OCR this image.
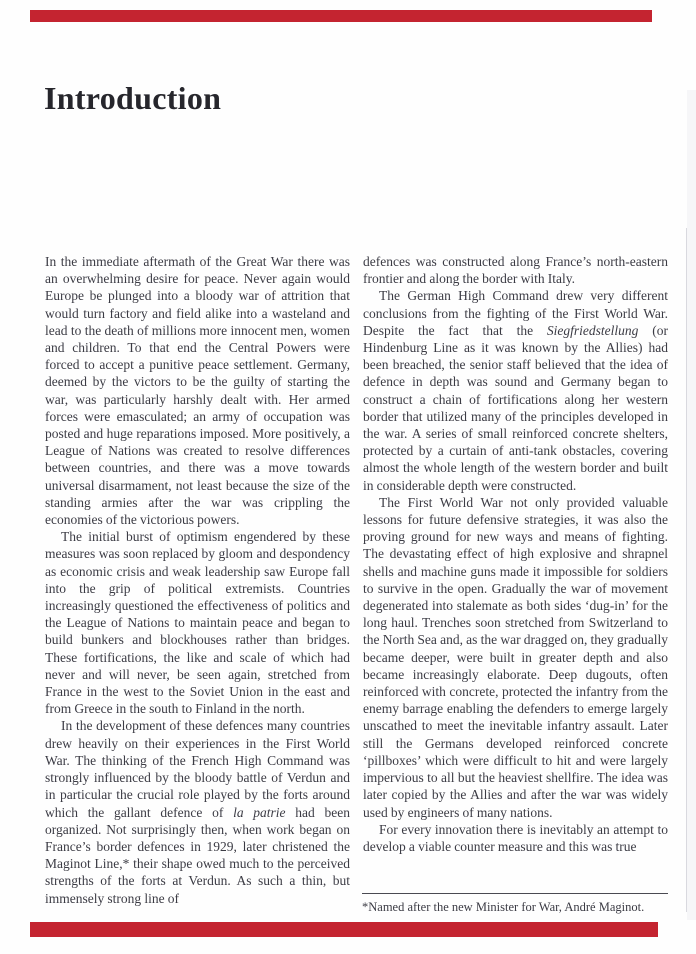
Introduction

In the immediate aftermath of the Great War there was an overwhelming desire for peace. Never again would Europe be plunged into a bloody war of attrition that would turn factory and field alike into a wasteland and lead to the death of millions more innocent men, women and children. To that end the Central Powers were forced to accept a punitive peace settlement. Germany, deemed by the victors to be the guilty of starting the war, was particularly harshly dealt with. Her armed forces were emasculated; an army of occupation was posted and huge reparations imposed. More positively, a League of Nations was created to resolve differences between countries, and there was a move towards universal disarmament, not least because the size of the standing armies after the war was crippling the economies of the victorious powers.

The initial burst of optimism engendered by these measures was soon replaced by gloom and despondency as economic crisis and weak leadership saw Europe fall into the grip of political extremists. Countries increasingly questioned the effectiveness of politics and the League of Nations to maintain peace and began to build bunkers and blockhouses rather than bridges. These fortifications, the like and scale of which had never and will never, be seen again, stretched from France in the west to the Soviet Union in the east and from Greece in the south to Finland in the north.

In the development of these defences many countries drew heavily on their experiences in the First World War. The thinking of the French High Command was strongly influenced by the bloody battle of Verdun and in particular the crucial role played by the forts around which the gallant defence of la patrie had been organized. Not surprisingly then, when work began on France’s border defences in 1929, later christened the Maginot Line,* their shape owed much to the perceived strengths of the forts at Verdun. As such a thin, but immensely strong line of

defences was constructed along France’s north-eastern frontier and along the border with Italy.

The German High Command drew very different conclusions from the fighting of the First World War. Despite the fact that the Siegfriedstellung (or Hindenburg Line as it was known by the Allies) had been breached, the senior staff believed that the idea of defence in depth was sound and Germany began to construct a chain of fortifications along her western border that utilized many of the principles developed in the war. A series of small reinforced concrete shelters, protected by a curtain of anti-tank obstacles, covering almost the whole length of the western border and built in considerable depth were constructed.

The First World War not only provided valuable lessons for future defensive strategies, it was also the proving ground for new ways and means of fighting. The devastating effect of high explosive and shrapnel shells and machine guns made it impossible for soldiers to survive in the open. Gradually the war of movement degenerated into stalemate as both sides ‘dug-in’ for the long haul. Trenches soon stretched from Switzerland to the North Sea and, as the war dragged on, they gradually became deeper, were built in greater depth and also became increasingly elaborate. Deep dugouts, often reinforced with concrete, protected the infantry from the enemy barrage enabling the defenders to emerge largely unscathed to meet the inevitable infantry assault. Later still the Germans developed reinforced concrete ‘pillboxes’ which were difficult to hit and were largely impervious to all but the heaviest shellfire. The idea was later copied by the Allies and after the war was widely used by engineers of many nations.

For every innovation there is inevitably an attempt to develop a viable counter measure and this was true

*Named after the new Minister for War, André Maginot.
